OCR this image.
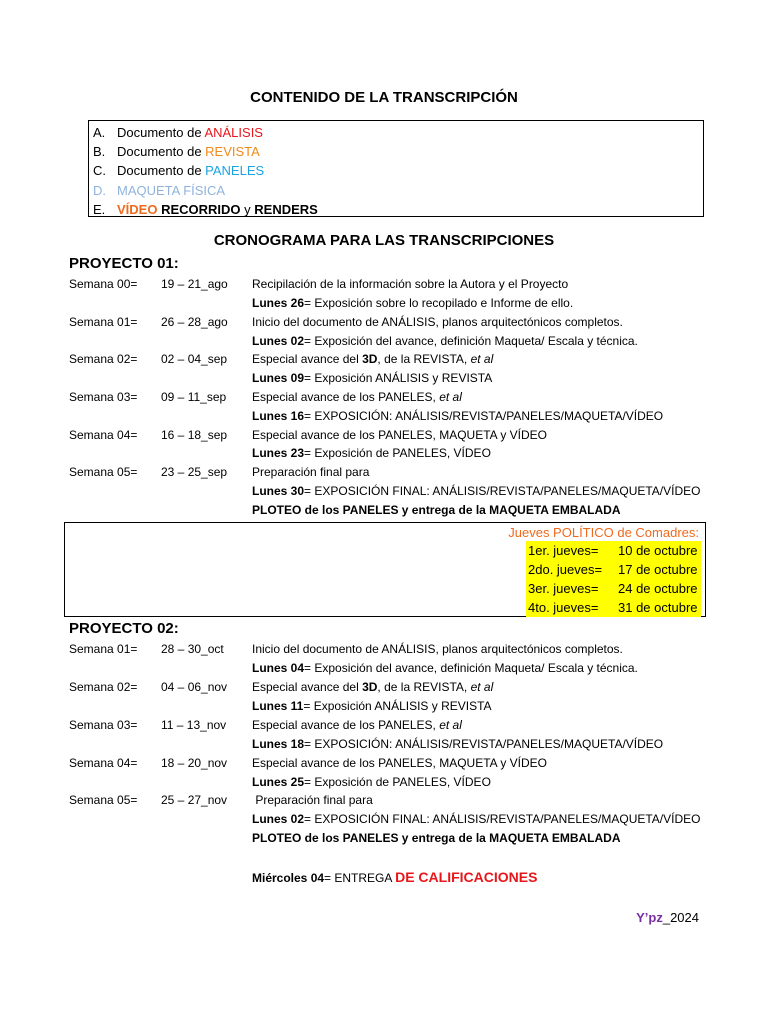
CONTENIDO DE LA TRANSCRIPCIÓN
A. Documento de ANÁLISIS
B. Documento de REVISTA
C. Documento de PANELES
D. MAQUETA FÍSICA
E. VÍDEO RECORRIDO y RENDERS
CRONOGRAMA PARA LAS TRANSCRIPCIONES
PROYECTO 01:
Semana 00=	19 – 21_ago	Recipilación de la información sobre la Autora y el Proyecto
Lunes 26= Exposición sobre lo recopilado e Informe de ello.
Semana 01=	26 – 28_ago	Inicio del documento de ANÁLISIS, planos arquitectónicos completos.
Lunes 02= Exposición del avance, definición Maqueta/ Escala y técnica.
Semana 02=	02 – 04_sep	Especial avance del 3D, de la REVISTA, et al
Lunes 09= Exposición ANÁLISIS y REVISTA
Semana 03=	09 – 11_sep	Especial avance de los PANELES, et al
Lunes 16= EXPOSICIÓN: ANÁLISIS/REVISTA/PANELES/MAQUETA/VÍDEO
Semana 04=	16 – 18_sep	Especial avance de los PANELES, MAQUETA y VÍDEO
Lunes 23= Exposición de PANELES, VÍDEO
Semana 05=	23 – 25_sep	Preparación final para
Lunes 30= EXPOSICIÓN FINAL: ANÁLISIS/REVISTA/PANELES/MAQUETA/VÍDEO
PLOTEO de los PANELES y entrega de la MAQUETA EMBALADA
Jueves POLÍTICO de Comadres:
1er. jueves= 10 de octubre
2do. jueves= 17 de octubre
3er. jueves= 24 de octubre
4to. jueves= 31 de octubre
PROYECTO 02:
Semana 01=	28 – 30_oct	Inicio del documento de ANÁLISIS, planos arquitectónicos completos.
Lunes 04= Exposición del avance, definición Maqueta/ Escala y técnica.
Semana 02=	04 – 06_nov	Especial avance del 3D, de la REVISTA, et al
Lunes 11= Exposición ANÁLISIS y REVISTA
Semana 03=	11 – 13_nov	Especial avance de los PANELES, et al
Lunes 18= EXPOSICIÓN: ANÁLISIS/REVISTA/PANELES/MAQUETA/VÍDEO
Semana 04=	18 – 20_nov	Especial avance de los PANELES, MAQUETA y VÍDEO
Lunes 25= Exposición de PANELES, VÍDEO
Semana 05=	25 – 27_nov	Preparación final para
Lunes 02= EXPOSICIÓN FINAL: ANÁLISIS/REVISTA/PANELES/MAQUETA/VÍDEO
PLOTEO de los PANELES y entrega de la MAQUETA EMBALADA
Miércoles 04= ENTREGA DE CALIFICACIONES
Y’pz_2024
